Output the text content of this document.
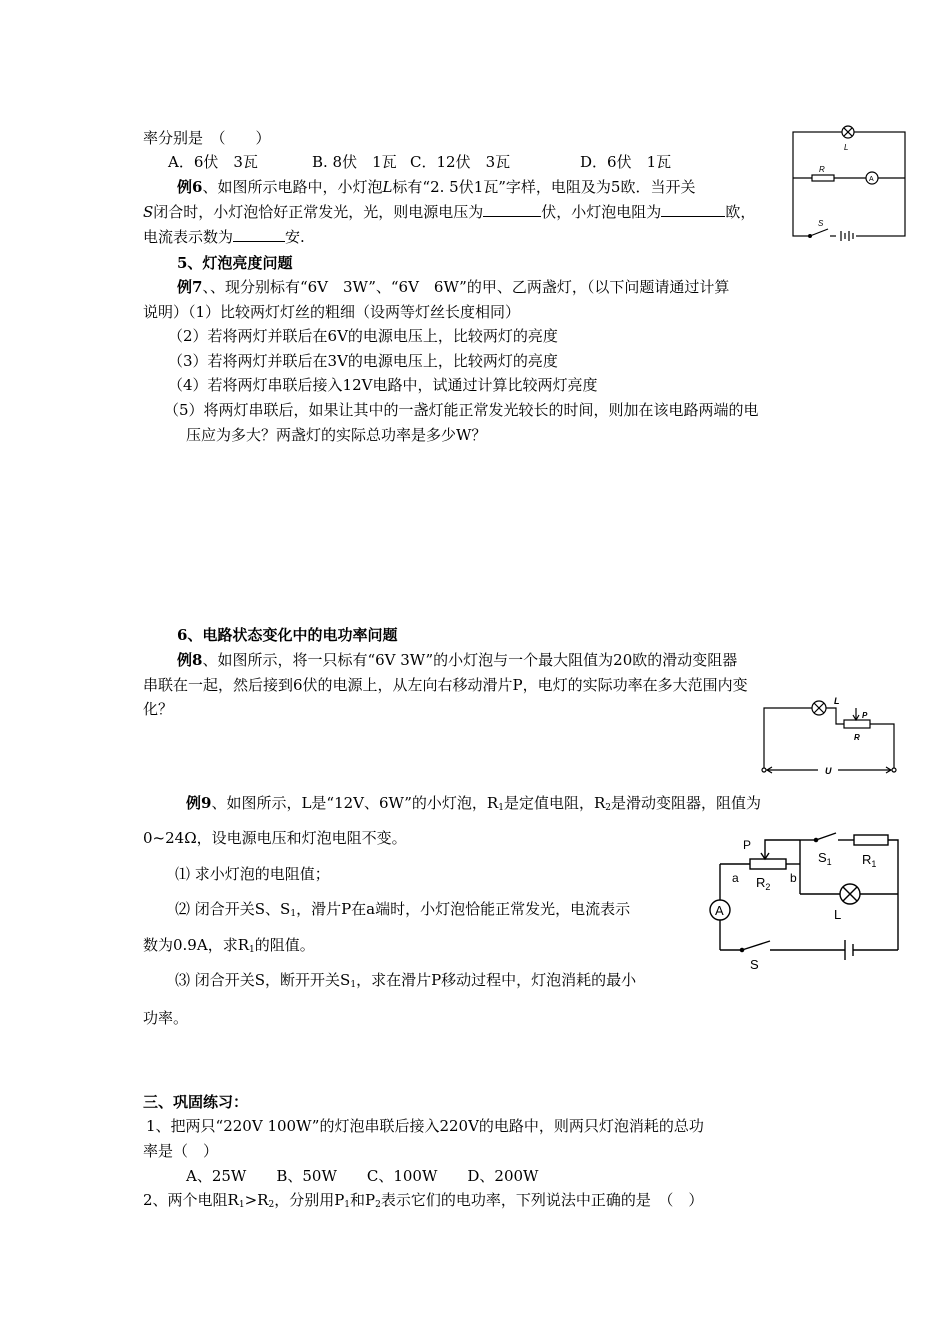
率分别是　（　　）
A．6伏　3瓦	B. 8伏　1瓦 C．12伏　3瓦	D．6伏　1瓦
例6、如图所示电路中，小灯泡L标有“2. 5伏1瓦”字样，电阻及为5欧．当开关
S闭合时，小灯泡恰好正常发光，光，则电源电压为	伏，小灯泡电阻为	欧，
电流表示数为	安.
L
R
A
S
5、灯泡亮度问题
例7、、现分别标有“6V　3W”、“6V　6W”的甲、乙两盏灯，（以下问题请通过计算
说明）（1）比较两灯灯丝的粗细（设两等灯丝长度相同）
（2）若将两灯并联后在6V的电源电压上，比较两灯的亮度
（3）若将两灯并联后在3V的电源电压上，比较两灯的亮度
（4）若将两灯串联后接入12V电路中，试通过计算比较两灯亮度
（5）将两灯串联后，如果让其中的一盏灯能正常发光较长的时间，则加在该电路两端的电
压应为多大？两盏灯的实际总功率是多少W？
6、电路状态变化中的电功率问题
例8、如图所示，将一只标有“6V 3W”的小灯泡与一个最大阻值为20欧的滑动变阻器
串联在一起，然后接到6伏的电源上，从左向右移动滑片P，电灯的实际功率在多大范围内变
化？	L
P
R
U
例9、如图所示，L是“12V、6W”的小灯泡，$R_1$是定值电阻，$R_2$是滑动变阻器，阻值为
0~24Ω，设电源电压和灯泡电阻不变。
⑴ 求小灯泡的电阻值；
⑵ 闭合开关S、$S_1$，滑片P在a端时，小灯泡恰能正常发光，电流表示
数为0.9A，求$R_1$的阻值。
⑶ 闭合开关S，断开开关$S_1$，求在滑片P移动过程中，灯泡消耗的最小
功率。
P
a $R_2$
b
$S_1$ $R_1$
L
A
S
三、巩固练习：
1、把两只“220V 100W”的灯泡串联后接入220V的电路中，则两只灯泡消耗的总功
率是（　）
A、25W　　B、50W　　C、100W　　D、200W
2、两个电阻$R_1>R_2$，分别用$P_1$和$P_2$表示它们的电功率，下列说法中正确的是　（　）
